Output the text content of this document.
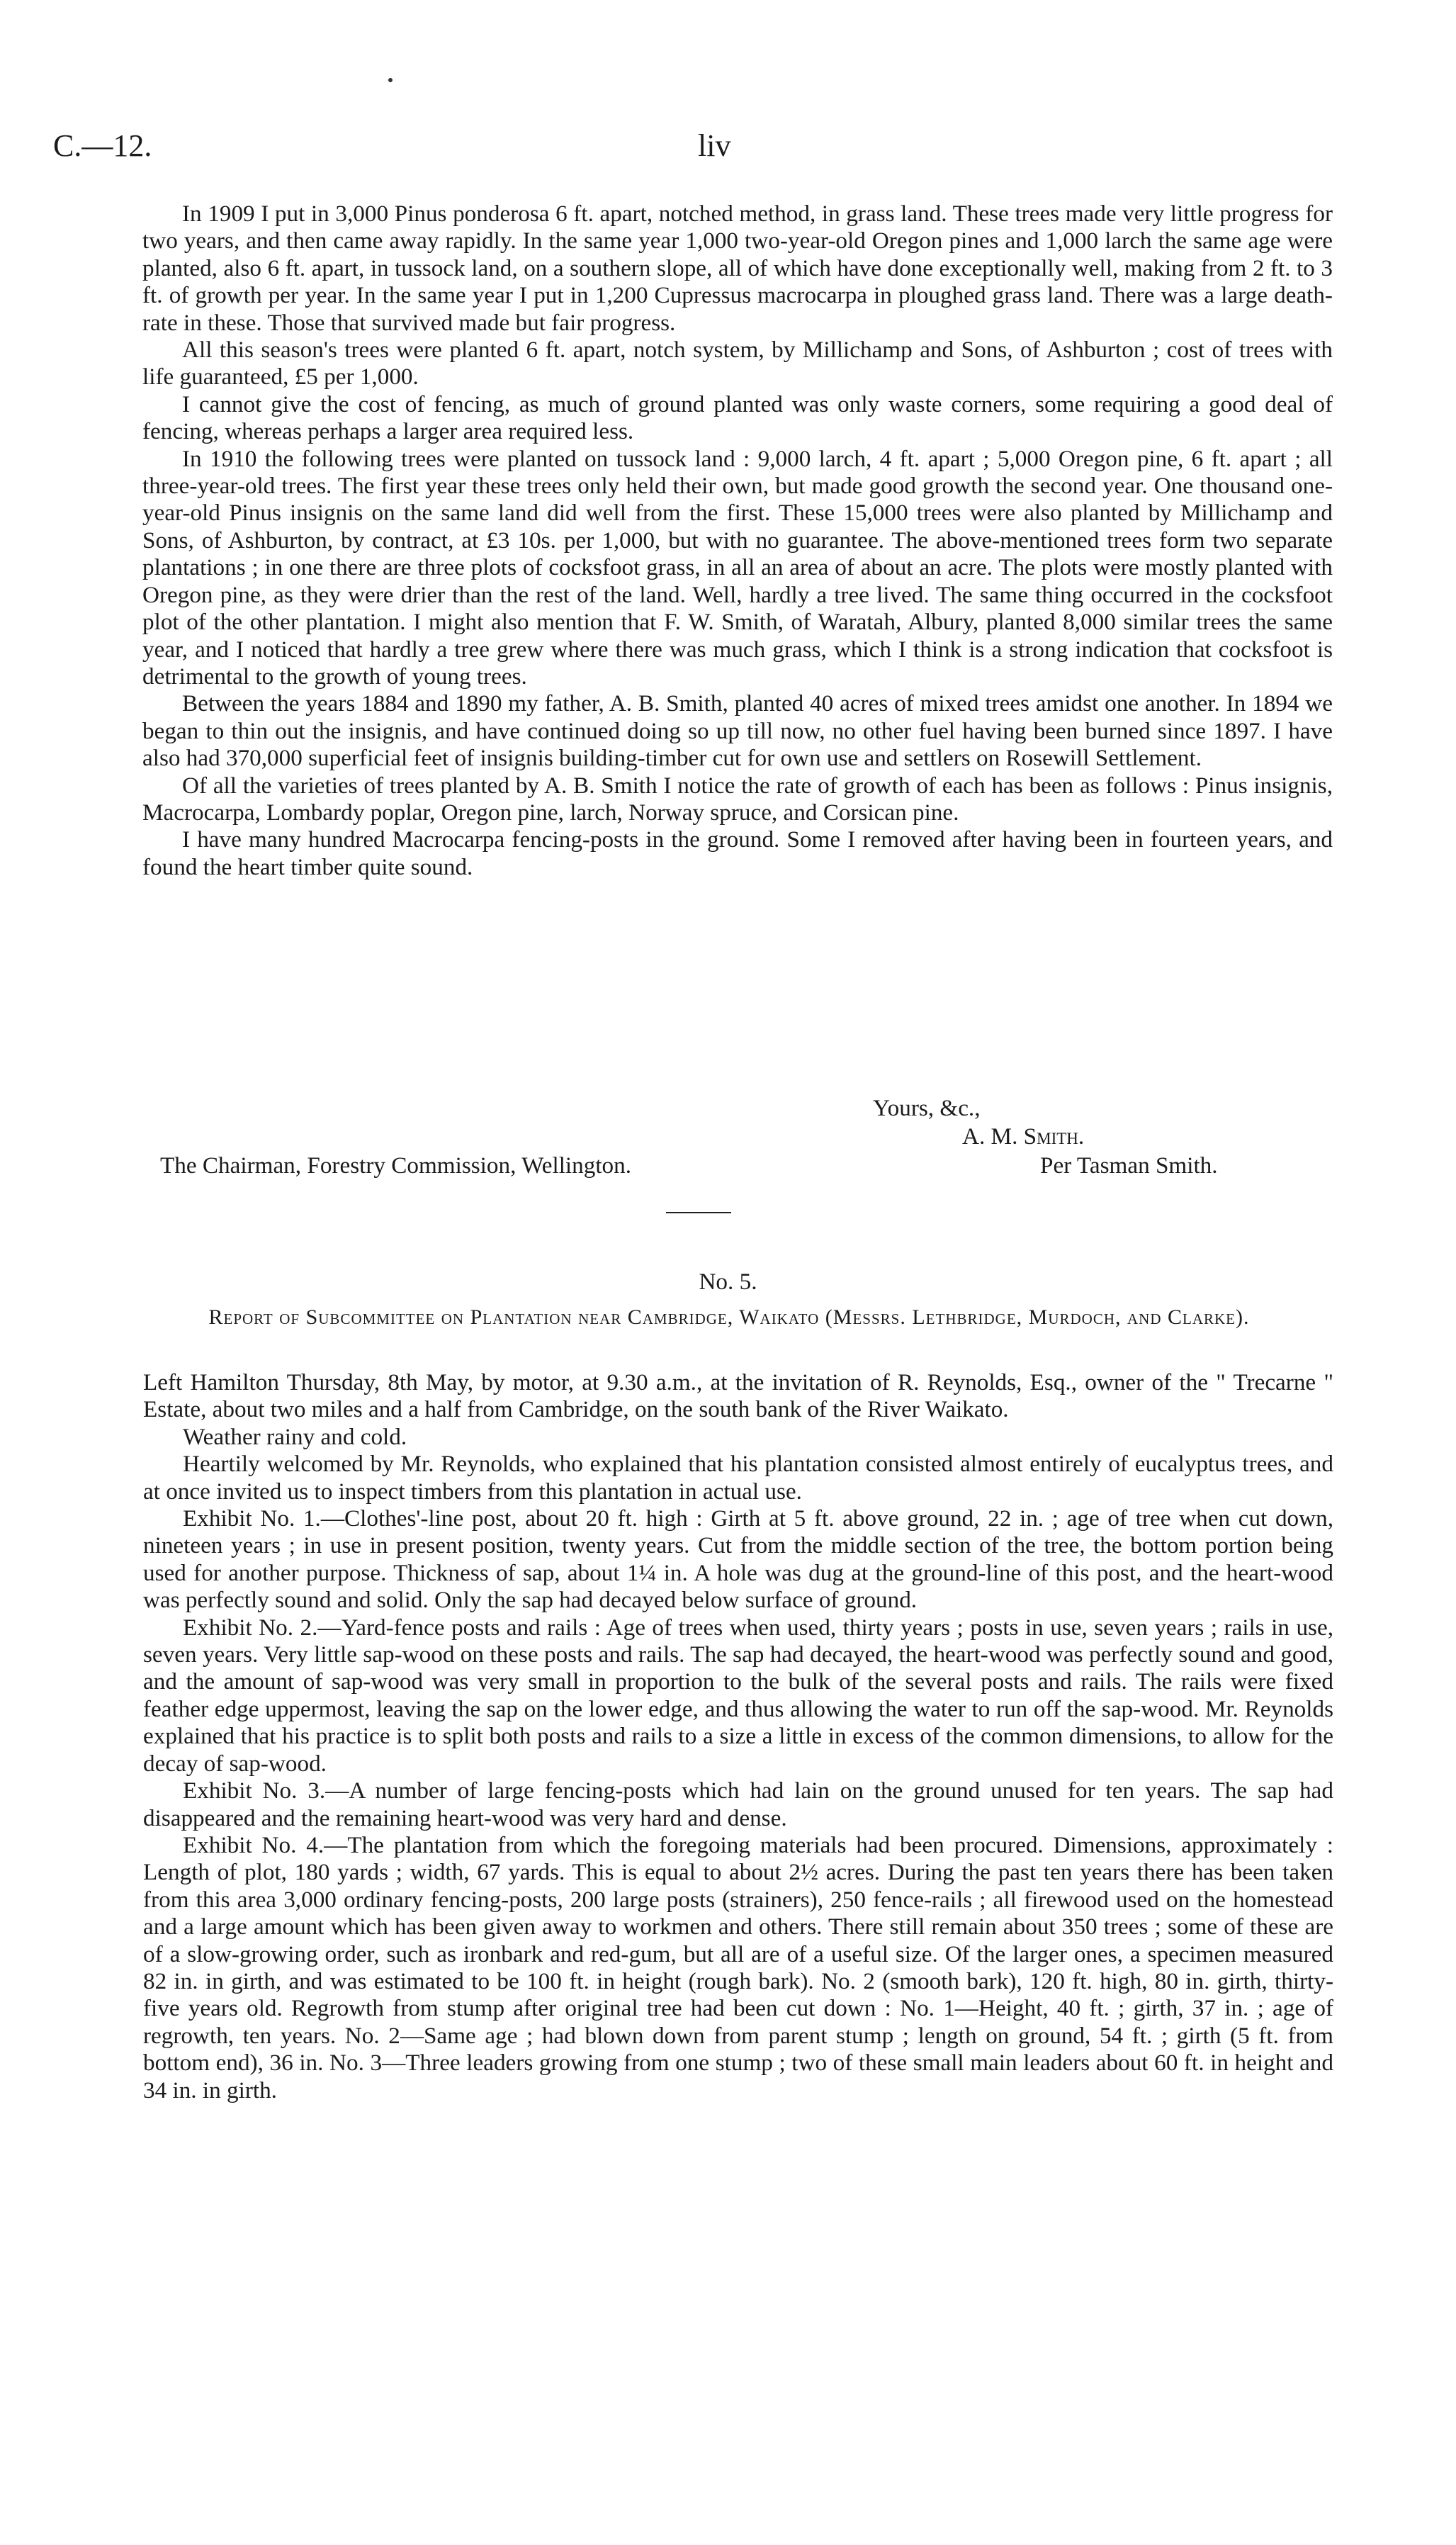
C.—12.	liv

In 1909 I put in 3,000 Pinus ponderosa 6 ft. apart, notched method, in grass land. These trees made very little progress for two years, and then came away rapidly. In the same year 1,000 two-year-old Oregon pines and 1,000 larch the same age were planted, also 6 ft. apart, in tussock land, on a southern slope, all of which have done exceptionally well, making from 2 ft. to 3 ft. of growth per year. In the same year I put in 1,200 Cupressus macrocarpa in ploughed grass land. There was a large death-rate in these. Those that survived made but fair progress.

All this season's trees were planted 6 ft. apart, notch system, by Millichamp and Sons, of Ashburton ; cost of trees with life guaranteed, £5 per 1,000.

I cannot give the cost of fencing, as much of ground planted was only waste corners, some requiring a good deal of fencing, whereas perhaps a larger area required less.

In 1910 the following trees were planted on tussock land : 9,000 larch, 4 ft. apart ; 5,000 Oregon pine, 6 ft. apart ; all three-year-old trees. The first year these trees only held their own, but made good growth the second year. One thousand one-year-old Pinus insignis on the same land did well from the first. These 15,000 trees were also planted by Millichamp and Sons, of Ashburton, by contract, at £3 10s. per 1,000, but with no guarantee. The above-mentioned trees form two separate plantations ; in one there are three plots of cocksfoot grass, in all an area of about an acre. The plots were mostly planted with Oregon pine, as they were drier than the rest of the land. Well, hardly a tree lived. The same thing occurred in the cocksfoot plot of the other plantation. I might also mention that F. W. Smith, of Waratah, Albury, planted 8,000 similar trees the same year, and I noticed that hardly a tree grew where there was much grass, which I think is a strong indication that cocksfoot is detrimental to the growth of young trees.

Between the years 1884 and 1890 my father, A. B. Smith, planted 40 acres of mixed trees amidst one another. In 1894 we began to thin out the insignis, and have continued doing so up till now, no other fuel having been burned since 1897. I have also had 370,000 superficial feet of insignis building-timber cut for own use and settlers on Rosewill Settlement.

Of all the varieties of trees planted by A. B. Smith I notice the rate of growth of each has been as follows : Pinus insignis, Macrocarpa, Lombardy poplar, Oregon pine, larch, Norway spruce, and Corsican pine.

I have many hundred Macrocarpa fencing-posts in the ground. Some I removed after having been in fourteen years, and found the heart timber quite sound.

Yours, &c.,
A. M. Smith.
The Chairman, Forestry Commission, Wellington.	Per Tasman Smith.
No. 5.
Report of Subcommittee on Plantation near Cambridge, Waikato (Messrs. Lethbridge, Murdoch, and Clarke).

Left Hamilton Thursday, 8th May, by motor, at 9.30 a.m., at the invitation of R. Reynolds, Esq., owner of the " Trecarne " Estate, about two miles and a half from Cambridge, on the south bank of the River Waikato.

Weather rainy and cold.

Heartily welcomed by Mr. Reynolds, who explained that his plantation consisted almost entirely of eucalyptus trees, and at once invited us to inspect timbers from this plantation in actual use.

Exhibit No. 1.—Clothes'-line post, about 20 ft. high : Girth at 5 ft. above ground, 22 in. ; age of tree when cut down, nineteen years ; in use in present position, twenty years. Cut from the middle section of the tree, the bottom portion being used for another purpose. Thickness of sap, about 1¼ in. A hole was dug at the ground-line of this post, and the heart-wood was perfectly sound and solid. Only the sap had decayed below surface of ground.

Exhibit No. 2.—Yard-fence posts and rails : Age of trees when used, thirty years ; posts in use, seven years ; rails in use, seven years. Very little sap-wood on these posts and rails. The sap had decayed, the heart-wood was perfectly sound and good, and the amount of sap-wood was very small in proportion to the bulk of the several posts and rails. The rails were fixed feather edge uppermost, leaving the sap on the lower edge, and thus allowing the water to run off the sap-wood. Mr. Reynolds explained that his practice is to split both posts and rails to a size a little in excess of the common dimensions, to allow for the decay of sap-wood.

Exhibit No. 3.—A number of large fencing-posts which had lain on the ground unused for ten years. The sap had disappeared and the remaining heart-wood was very hard and dense.

Exhibit No. 4.—The plantation from which the foregoing materials had been procured. Dimensions, approximately : Length of plot, 180 yards ; width, 67 yards. This is equal to about 2½ acres. During the past ten years there has been taken from this area 3,000 ordinary fencing-posts, 200 large posts (strainers), 250 fence-rails ; all firewood used on the homestead and a large amount which has been given away to workmen and others. There still remain about 350 trees ; some of these are of a slow-growing order, such as ironbark and red-gum, but all are of a useful size. Of the larger ones, a specimen measured 82 in. in girth, and was estimated to be 100 ft. in height (rough bark). No. 2 (smooth bark), 120 ft. high, 80 in. girth, thirty-five years old. Regrowth from stump after original tree had been cut down : No. 1—Height, 40 ft. ; girth, 37 in. ; age of regrowth, ten years. No. 2—Same age ; had blown down from parent stump ; length on ground, 54 ft. ; girth (5 ft. from bottom end), 36 in. No. 3—Three leaders growing from one stump ; two of these small main leaders about 60 ft. in height and 34 in. in girth.
